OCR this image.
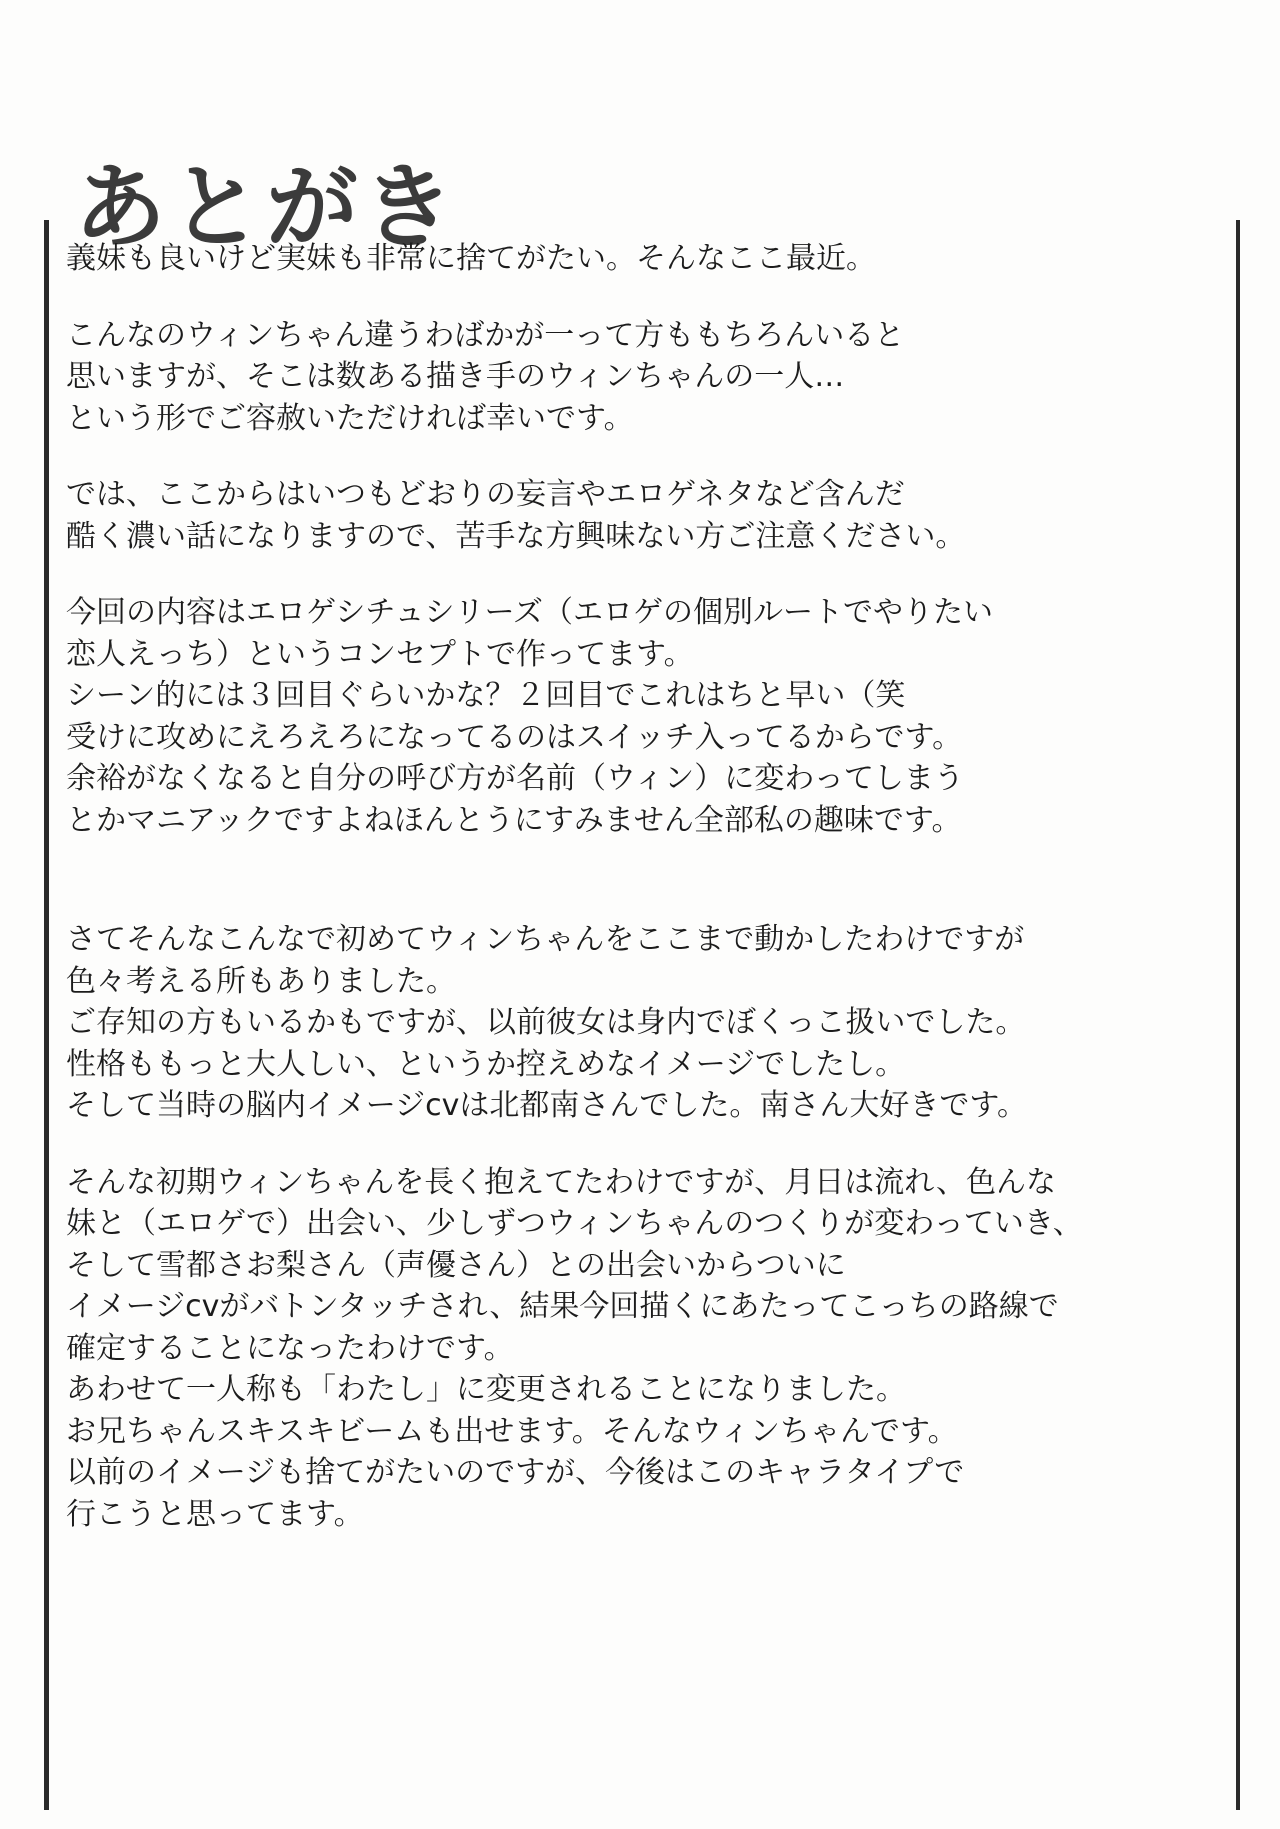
あとがき

義妹も良いけど実妹も非常に捨てがたい。そんなここ最近。

こんなのウィンちゃん違うわばかが一って方ももちろんいると
思いますが、そこは数ある描き手のウィンちゃんの一人…
という形でご容赦いただければ幸いです。

では、ここからはいつもどおりの妄言やエロゲネタなど含んだ
酷く濃い話になりますので、苦手な方興味ない方ご注意ください。

今回の内容はエロゲシチュシリーズ（エロゲの個別ルートでやりたい
恋人えっち）というコンセプトで作ってます。
シーン的には３回目ぐらいかな？２回目でこれはちと早い（笑
受けに攻めにえろえろになってるのはスイッチ入ってるからです。
余裕がなくなると自分の呼び方が名前（ウィン）に変わってしまう
とかマニアックですよねほんとうにすみません全部私の趣味です。

さてそんなこんなで初めてウィンちゃんをここまで動かしたわけですが
色々考える所もありました。
ご存知の方もいるかもですが、以前彼女は身内でぼくっこ扱いでした。
性格ももっと大人しい、というか控えめなイメージでしたし。
そして当時の脳内イメージcvは北都南さんでした。南さん大好きです。

そんな初期ウィンちゃんを長く抱えてたわけですが、月日は流れ、色んな
妹と（エロゲで）出会い、少しずつウィンちゃんのつくりが変わっていき、
そして雪都さお梨さん（声優さん）との出会いからついに
イメージcvがバトンタッチされ、結果今回描くにあたってこっちの路線で
確定することになったわけです。
あわせて一人称も「わたし」に変更されることになりました。
お兄ちゃんスキスキビームも出せます。そんなウィンちゃんです。
以前のイメージも捨てがたいのですが、今後はこのキャラタイプで
行こうと思ってます。
